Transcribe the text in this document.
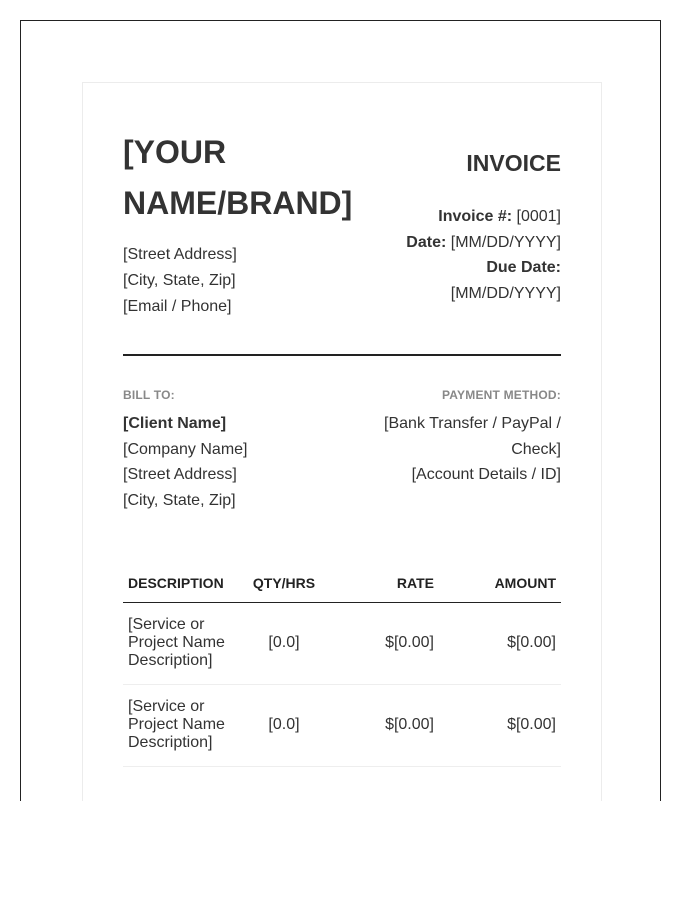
[YOUR NAME/BRAND]
[Street Address]
[City, State, Zip]
[Email / Phone]
INVOICE
Invoice #: [0001]
Date: [MM/DD/YYYY]
Due Date:
[MM/DD/YYYY]

BILL TO:

[Client Name]
[Company Name]
[Street Address]
[City, State, Zip]

PAYMENT METHOD:

[Bank Transfer / PayPal / Check]
[Account Details / ID]
DESCRIPTION	QTY/HRS	RATE	AMOUNT
[Service or Project Name Description]	[0.0]	$[0.00]	$[0.00]
[Service or Project Name Description]	[0.0]	$[0.00]	$[0.00]
